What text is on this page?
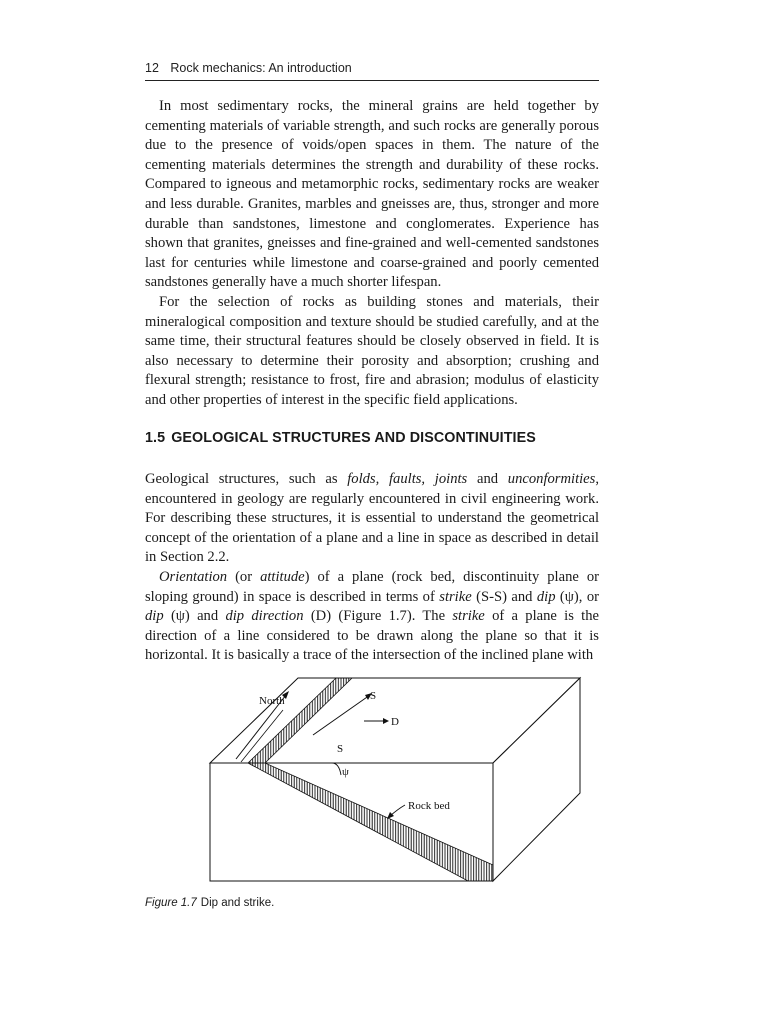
12 Rock mechanics: An introduction

In most sedimentary rocks, the mineral grains are held together by cementing materials of variable strength, and such rocks are generally porous due to the presence of voids/open spaces in them. The nature of the cementing materials determines the strength and durability of these rocks. Compared to igneous and metamorphic rocks, sedimentary rocks are weaker and less durable. Granites, marbles and gneisses are, thus, stronger and more durable than sandstones, limestone and conglomerates. Experience has shown that granites, gneisses and fine-grained and well-cemented sandstones last for centuries while limestone and coarse-grained and poorly cemented sandstones generally have a much shorter lifespan.

For the selection of rocks as building stones and materials, their mineralogical composition and texture should be studied carefully, and at the same time, their structural features should be closely observed in field. It is also necessary to determine their porosity and absorption; crushing and flexural strength; resistance to frost, fire and abrasion; modulus of elasticity and other properties of interest in the specific field applications.

1.5 GEOLOGICAL STRUCTURES AND DISCONTINUITIES

Geological structures, such as folds, faults, joints and unconformities, encountered in geology are regularly encountered in civil engineering work. For describing these structures, it is essential to understand the geometrical concept of the orientation of a plane and a line in space as described in detail in Section 2.2.

Orientation (or attitude) of a plane (rock bed, discontinuity plane or sloping ground) in space is described in terms of strike (S-S) and dip (ψ), or dip (ψ) and dip direction (D) (Figure 1.7). The strike of a plane is the direction of a line considered to be drawn along the plane so that it is horizontal. It is basically a trace of the intersection of the inclined plane with

North	S
D
S
ψ
Rock bed
Figure 1.7 Dip and strike.
